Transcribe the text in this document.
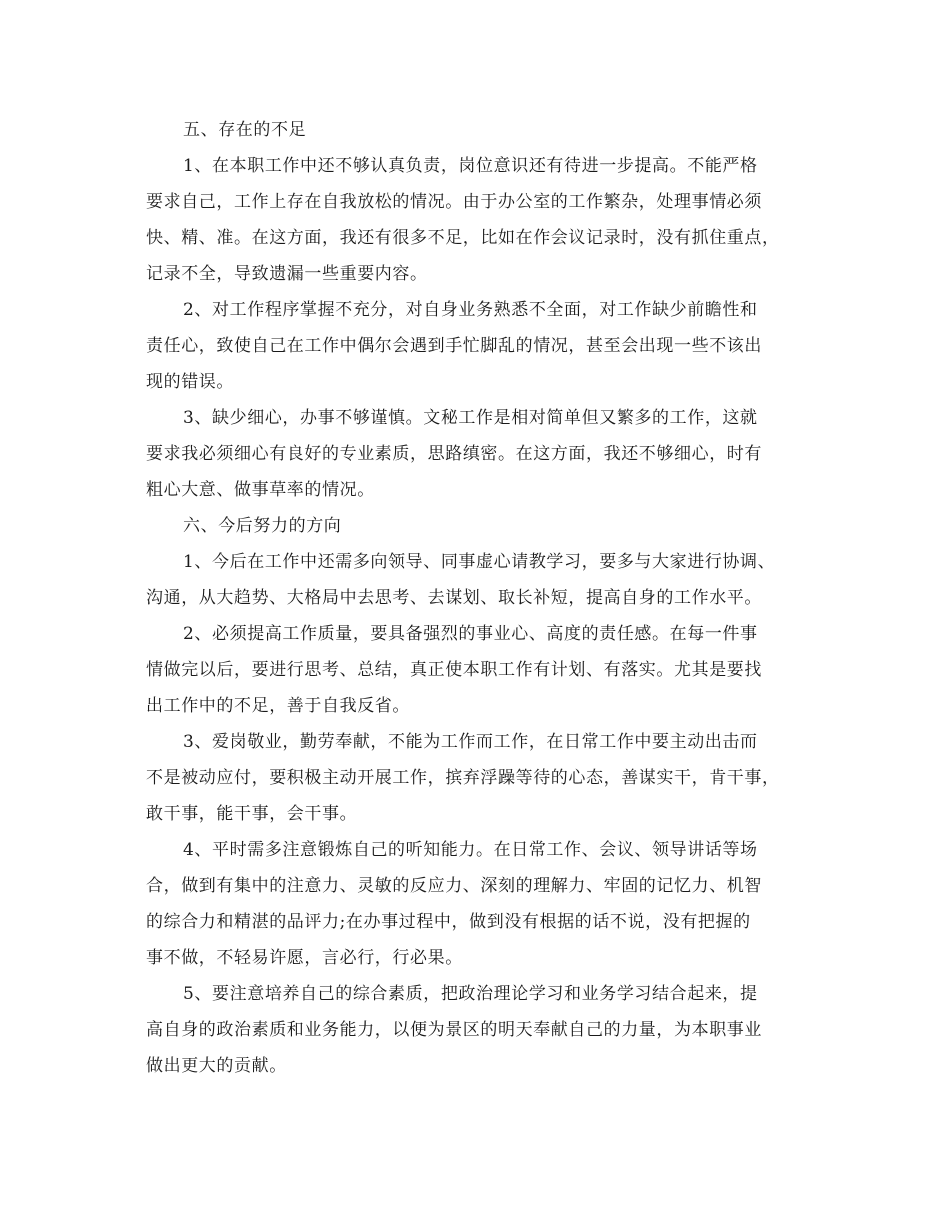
五、存在的不足
1、在本职工作中还不够认真负责，岗位意识还有待进一步提高。不能严格
要求自己，工作上存在自我放松的情况。由于办公室的工作繁杂，处理事情必须
快、精、准。在这方面，我还有很多不足，比如在作会议记录时，没有抓住重点，
记录不全，导致遗漏一些重要内容。
2、对工作程序掌握不充分，对自身业务熟悉不全面，对工作缺少前瞻性和
责任心，致使自己在工作中偶尔会遇到手忙脚乱的情况，甚至会出现一些不该出
现的错误。
3、缺少细心，办事不够谨慎。文秘工作是相对简单但又繁多的工作，这就
要求我必须细心有良好的专业素质，思路缜密。在这方面，我还不够细心，时有
粗心大意、做事草率的情况。
六、今后努力的方向
1、今后在工作中还需多向领导、同事虚心请教学习，要多与大家进行协调、
沟通，从大趋势、大格局中去思考、去谋划、取长补短，提高自身的工作水平。
2、必须提高工作质量，要具备强烈的事业心、高度的责任感。在每一件事
情做完以后，要进行思考、总结，真正使本职工作有计划、有落实。尤其是要找
出工作中的不足，善于自我反省。
3、爱岗敬业，勤劳奉献，不能为工作而工作，在日常工作中要主动出击而
不是被动应付，要积极主动开展工作，摈弃浮躁等待的心态，善谋实干，肯干事，
敢干事，能干事，会干事。
4、平时需多注意锻炼自己的听知能力。在日常工作、会议、领导讲话等场
合，做到有集中的注意力、灵敏的反应力、深刻的理解力、牢固的记忆力、机智
的综合力和精湛的品评力;在办事过程中，做到没有根据的话不说，没有把握的
事不做，不轻易许愿，言必行，行必果。
5、要注意培养自己的综合素质，把政治理论学习和业务学习结合起来，提
高自身的政治素质和业务能力，以便为景区的明天奉献自己的力量，为本职事业
做出更大的贡献。
